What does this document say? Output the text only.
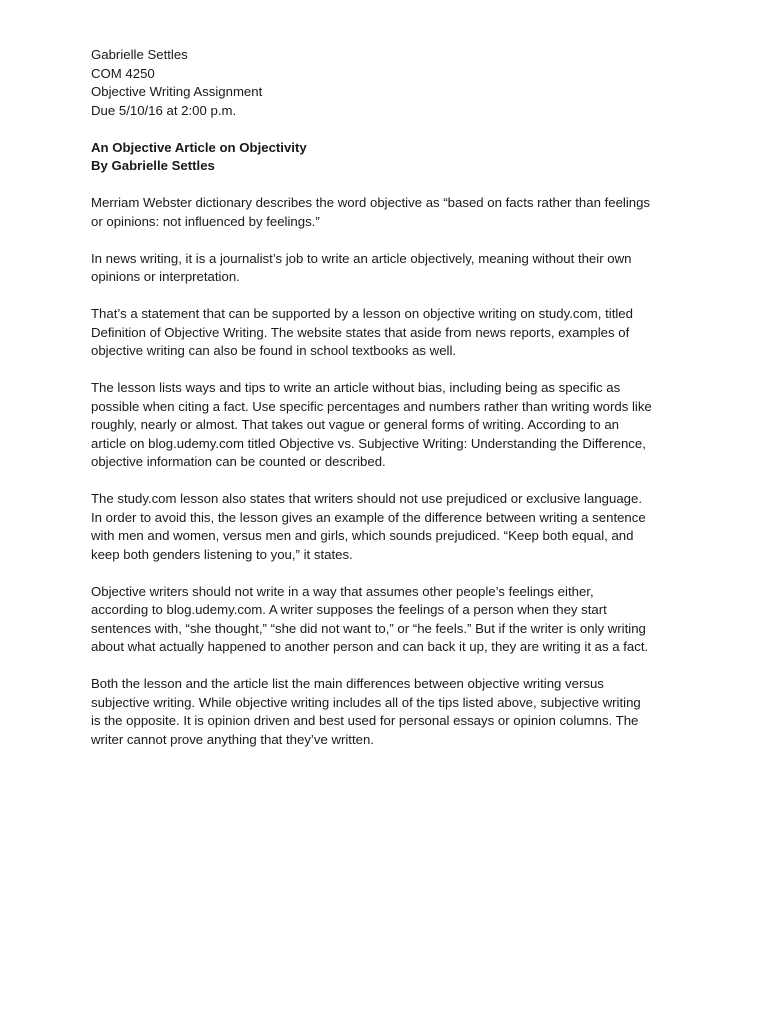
Gabrielle Settles
COM 4250
Objective Writing Assignment
Due 5/10/16 at 2:00 p.m.
An Objective Article on Objectivity
By Gabrielle Settles

Merriam Webster dictionary describes the word objective as “based on facts rather than feelings
or opinions: not influenced by feelings.”

In news writing, it is a journalist’s job to write an article objectively, meaning without their own
opinions or interpretation.

That’s a statement that can be supported by a lesson on objective writing on study.com, titled
Definition of Objective Writing. The website states that aside from news reports, examples of
objective writing can also be found in school textbooks as well.

The lesson lists ways and tips to write an article without bias, including being as specific as
possible when citing a fact. Use specific percentages and numbers rather than writing words like
roughly, nearly or almost. That takes out vague or general forms of writing. According to an
article on blog.udemy.com titled Objective vs. Subjective Writing: Understanding the Difference,
objective information can be counted or described.

The study.com lesson also states that writers should not use prejudiced or exclusive language.
In order to avoid this, the lesson gives an example of the difference between writing a sentence
with men and women, versus men and girls, which sounds prejudiced. “Keep both equal, and
keep both genders listening to you,” it states.

Objective writers should not write in a way that assumes other people’s feelings either,
according to blog.udemy.com. A writer supposes the feelings of a person when they start
sentences with, “she thought,” “she did not want to,” or “he feels.” But if the writer is only writing
about what actually happened to another person and can back it up, they are writing it as a fact.

Both the lesson and the article list the main differences between objective writing versus
subjective writing. While objective writing includes all of the tips listed above, subjective writing
is the opposite. It is opinion driven and best used for personal essays or opinion columns. The
writer cannot prove anything that they’ve written.
